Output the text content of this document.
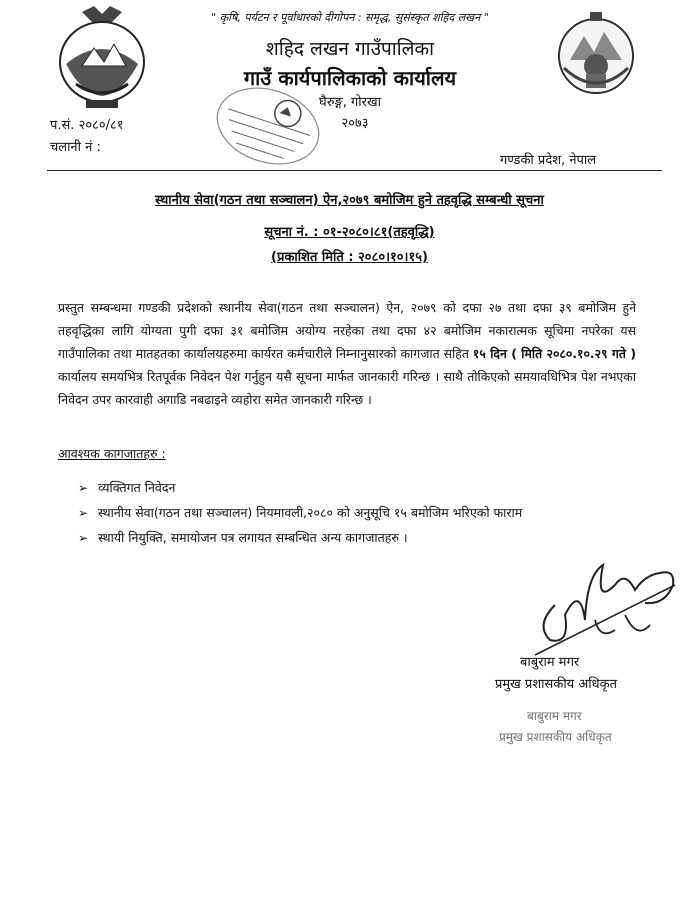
" कृषि, पर्यटन र पूर्वाधारको दीगोपन : समृद्ध, सुसंस्कृत शहिद लखन "
शहिद लखन गाउँपालिका
गाउँ कार्यपालिकाको कार्यालय
घैरुङ्ग, गोरखा
२०७३
प.सं. २०८०/८१
चलानी नं :
गण्डकी प्रदेश, नेपाल
स्थानीय सेवा(गठन तथा सञ्चालन) ऐन,२०७९ बमोजिम हुने तहवृद्धि सम्बन्धी सूचना
सूचना नं. : ०१-२०८०।८१(तहवृद्धि)
(प्रकाशित मिति : २०८०।१०।१५)
प्रस्तुत सम्बन्धमा गण्डकी प्रदेशको स्थानीय सेवा(गठन तथा सञ्चालन) ऐन, २०७९ को दफा २७ तथा दफा ३९ बमोजिम हुने तहवृद्धिका लागि योग्यता पुगी दफा ३१ बमोजिम अयोग्य नरहेका तथा दफा ४२ बमोजिम नकारात्मक सूचिमा नपरेका यस गाउँपालिका तथा मातहतका कार्यालयहरुमा कार्यरत कर्मचारीले निम्नानुसारको कागजात सहित १५ दिन ( मिति २०८०.१०.२९ गते ) कार्यालय समयभित्र रितपूर्वक निवेदन पेश गर्नुहुन यसै सूचना मार्फत जानकारी गरिन्छ । साथै तोकिएको समयावधिभित्र पेश नभएका निवेदन उपर कारवाही अगाडि नबढाइने व्यहोरा समेत जानकारी गरिन्छ ।
आवश्यक कागजातहरु :
➢ व्यक्तिगत निवेदन
➢ स्थानीय सेवा(गठन तथा सञ्चालन) नियमावली,२०८० को अनुसूचि १५ बमोजिम भरिएको फाराम
➢ स्थायी नियुक्ति, समायोजन पत्र लगायत सम्बन्धित अन्य कागजातहरु ।
बाबुराम मगर
प्रमुख प्रशासकीय अधिकृत
बाबुराम मगर
प्रमुख प्रशासकीय अधिकृत
